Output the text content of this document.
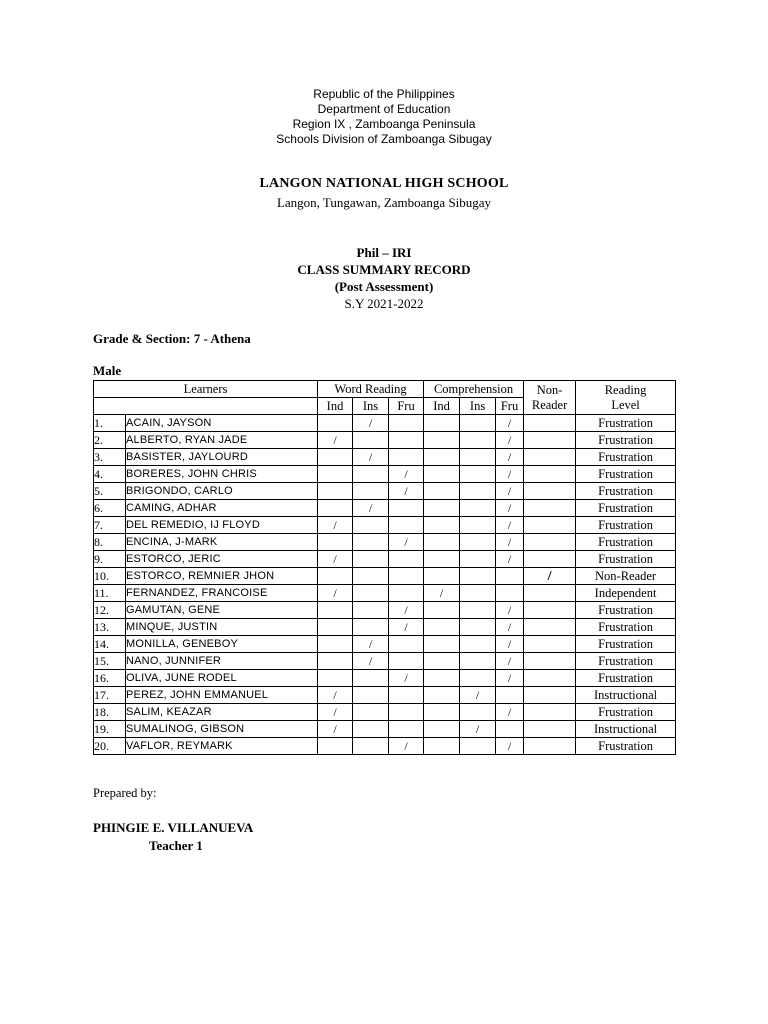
Republic of the Philippines
Department of Education
Region IX , Zamboanga Peninsula
Schools Division of Zamboanga Sibugay
LANGON NATIONAL HIGH SCHOOL
Langon, Tungawan, Zamboanga Sibugay
Phil – IRI
CLASS SUMMARY RECORD
(Post Assessment)
S.Y 2021-2022
Grade & Section: 7 - Athena
Male
Learners		Word Reading			Comprehension			Non-Reader	Reading Level
		Ind	Ins	Fru	Ind	Ins	Fru		
1.	ACAIN, JAYSON		/				/		Frustration
2.	ALBERTO, RYAN JADE	/					/		Frustration
3.	BASISTER, JAYLOURD		/				/		Frustration
4.	BORERES, JOHN CHRIS			/			/		Frustration
5.	BRIGONDO, CARLO			/			/		Frustration
6.	CAMING, ADHAR		/				/		Frustration
7.	DEL REMEDIO, IJ FLOYD	/					/		Frustration
8.	ENCINA, J-MARK			/			/		Frustration
9.	ESTORCO, JERIC	/					/		Frustration
10.	ESTORCO, REMNIER JHON							/	Non-Reader
11.	FERNANDEZ, FRANCOISE	/			/				Independent
12.	GAMUTAN, GENE			/			/		Frustration
13.	MINQUE, JUSTIN			/			/		Frustration
14.	MONILLA, GENEBOY		/				/		Frustration
15.	NANO, JUNNIFER		/				/		Frustration
16.	OLIVA, JUNE RODEL			/			/		Frustration
17.	PEREZ, JOHN EMMANUEL	/				/			Instructional
18.	SALIM, KEAZAR	/					/		Frustration
19.	SUMALINOG, GIBSON	/				/			Instructional
20.	VAFLOR, REYMARK			/			/		Frustration
Prepared by:
PHINGIE E. VILLANUEVA
Teacher 1
